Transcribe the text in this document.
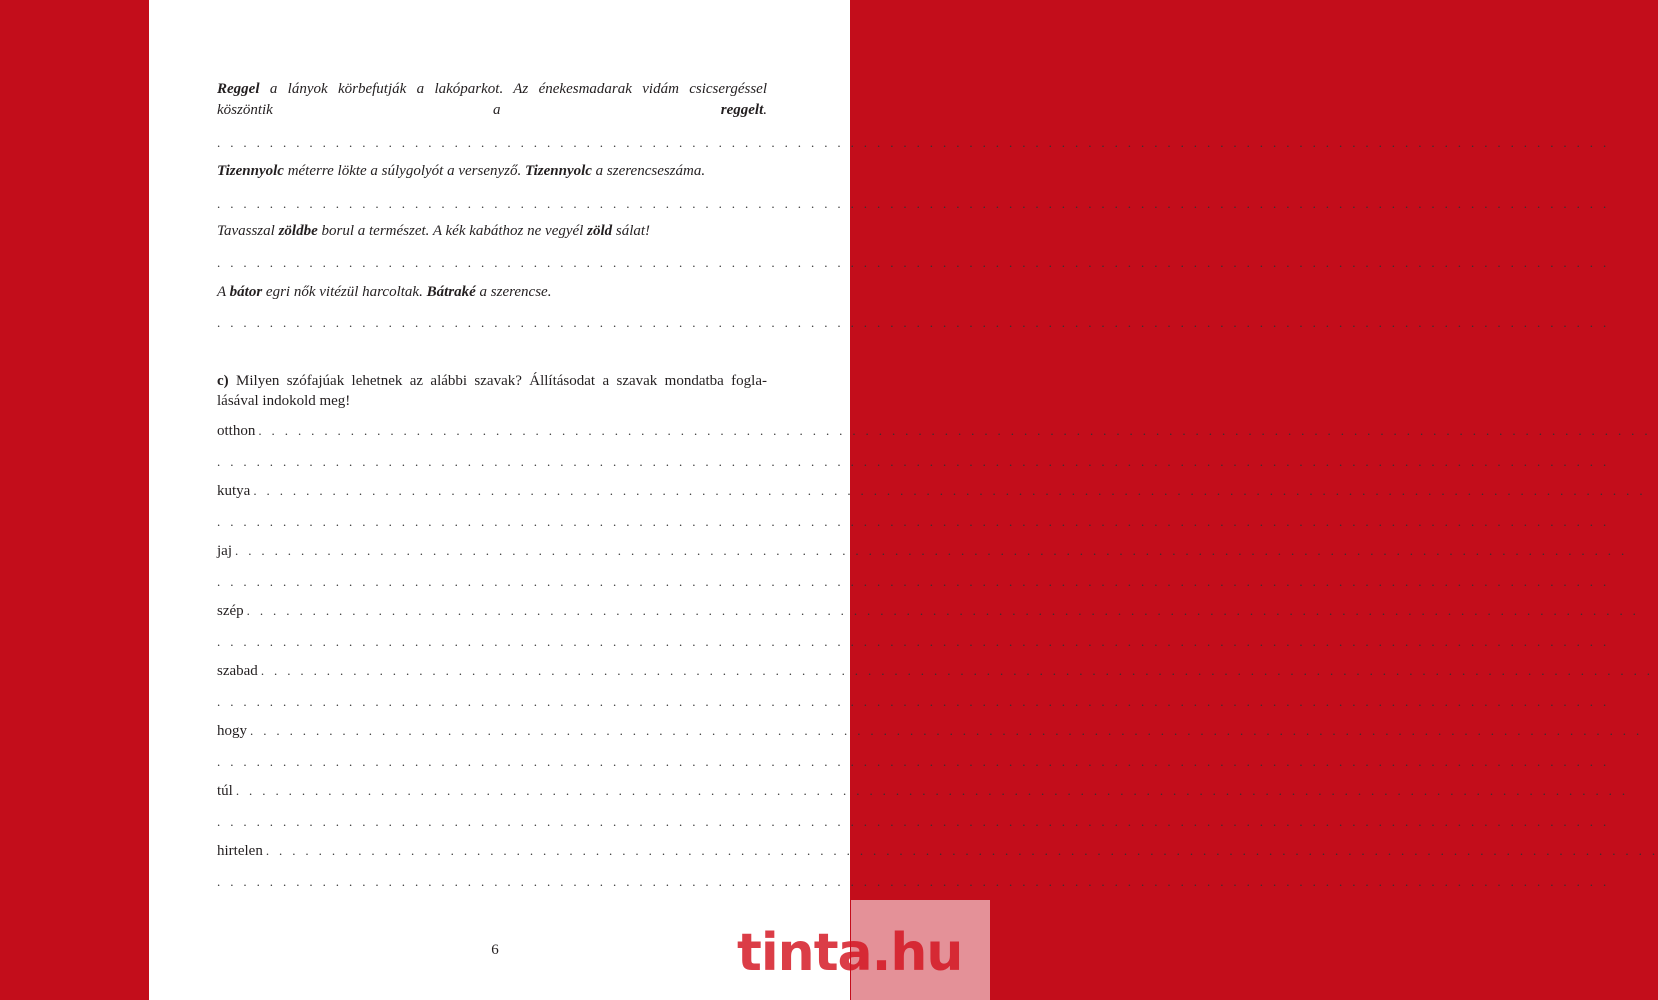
Reggel a lányok körbefutják a lakóparkot. Az énekesmadarak vidám csicsergéssel
köszöntik a reggelt.
. . . . . . . . . . . . . . . . . . . . . . . . . . . . . . . . . . . . . . . . . . . . . . . . . . . . . . . . . . . . . . . . . . . . . . . . . . . . . . . . . . . . . . . . . . . . . . . . . . . . . . . . . .
Tizennyolc méterre lökte a súlygolyót a versenyző. Tizennyolc a szerencseszáma.
. . . . . . . . . . . . . . . . . . . . . . . . . . . . . . . . . . . . . . . . . . . . . . . . . . . . . . . . . . . . . . . . . . . . . . . . . . . . . . . . . . . . . . . . . . . . . . . . . . . . . . . . . .
Tavasszal zöldbe borul a természet. A kék kabáthoz ne vegyél zöld sálat!
. . . . . . . . . . . . . . . . . . . . . . . . . . . . . . . . . . . . . . . . . . . . . . . . . . . . . . . . . . . . . . . . . . . . . . . . . . . . . . . . . . . . . . . . . . . . . . . . . . . . . . . . . .
A bátor egri nők vitézül harcoltak. Bátraké a szerencse.
. . . . . . . . . . . . . . . . . . . . . . . . . . . . . . . . . . . . . . . . . . . . . . . . . . . . . . . . . . . . . . . . . . . . . . . . . . . . . . . . . . . . . . . . . . . . . . . . . . . . . . . . . .
c) Milyen szófajúak lehetnek az alábbi szavak? Állításodat a szavak mondatba fogla-
lásával indokold meg!
otthon . . . . . . . . . . . . . . . . . . . . . . . . . . . . . . . . . . . . . . . . . . . . . . . . . . . . . . . . . . . . . . . . . . . . . . . . . . . . . . . . . . . . . . . . . . . . . . . . . . . . . . . . . .
. . . . . . . . . . . . . . . . . . . . . . . . . . . . . . . . . . . . . . . . . . . . . . . . . . . . . . . . . . . . . . . . . . . . . . . . . . . . . . . . . . . . . . . . . . . . . . . . . . . . . . . . . .
kutya . . . . . . . . . . . . . . . . . . . . . . . . . . . . . . . . . . . . . . . . . . . . . . . . . . . . . . . . . . . . . . . . . . . . . . . . . . . . . . . . . . . . . . . . . . . . . . . . . . . . . . . . . .
. . . . . . . . . . . . . . . . . . . . . . . . . . . . . . . . . . . . . . . . . . . . . . . . . . . . . . . . . . . . . . . . . . . . . . . . . . . . . . . . . . . . . . . . . . . . . . . . . . . . . . . . . .
jaj . . . . . . . . . . . . . . . . . . . . . . . . . . . . . . . . . . . . . . . . . . . . . . . . . . . . . . . . . . . . . . . . . . . . . . . . . . . . . . . . . . . . . . . . . . . . . . . . . . . . . . . . . .
. . . . . . . . . . . . . . . . . . . . . . . . . . . . . . . . . . . . . . . . . . . . . . . . . . . . . . . . . . . . . . . . . . . . . . . . . . . . . . . . . . . . . . . . . . . . . . . . . . . . . . . . . .
szép . . . . . . . . . . . . . . . . . . . . . . . . . . . . . . . . . . . . . . . . . . . . . . . . . . . . . . . . . . . . . . . . . . . . . . . . . . . . . . . . . . . . . . . . . . . . . . . . . . . . . . . . . .
. . . . . . . . . . . . . . . . . . . . . . . . . . . . . . . . . . . . . . . . . . . . . . . . . . . . . . . . . . . . . . . . . . . . . . . . . . . . . . . . . . . . . . . . . . . . . . . . . . . . . . . . . .
szabad . . . . . . . . . . . . . . . . . . . . . . . . . . . . . . . . . . . . . . . . . . . . . . . . . . . . . . . . . . . . . . . . . . . . . . . . . . . . . . . . . . . . . . . . . . . . . . . . . . . . . . . . . .
. . . . . . . . . . . . . . . . . . . . . . . . . . . . . . . . . . . . . . . . . . . . . . . . . . . . . . . . . . . . . . . . . . . . . . . . . . . . . . . . . . . . . . . . . . . . . . . . . . . . . . . . . .
hogy . . . . . . . . . . . . . . . . . . . . . . . . . . . . . . . . . . . . . . . . . . . . . . . . . . . . . . . . . . . . . . . . . . . . . . . . . . . . . . . . . . . . . . . . . . . . . . . . . . . . . . . . . .
. . . . . . . . . . . . . . . . . . . . . . . . . . . . . . . . . . . . . . . . . . . . . . . . . . . . . . . . . . . . . . . . . . . . . . . . . . . . . . . . . . . . . . . . . . . . . . . . . . . . . . . . . .
túl . . . . . . . . . . . . . . . . . . . . . . . . . . . . . . . . . . . . . . . . . . . . . . . . . . . . . . . . . . . . . . . . . . . . . . . . . . . . . . . . . . . . . . . . . . . . . . . . . . . . . . . . . .
. . . . . . . . . . . . . . . . . . . . . . . . . . . . . . . . . . . . . . . . . . . . . . . . . . . . . . . . . . . . . . . . . . . . . . . . . . . . . . . . . . . . . . . . . . . . . . . . . . . . . . . . . .
hirtelen . . . . . . . . . . . . . . . . . . . . . . . . . . . . . . . . . . . . . . . . . . . . . . . . . . . . . . . . . . . . . . . . . . . . . . . . . . . . . . . . . . . . . . . . . . . . . . . . . . . . . . . . . .
. . . . . . . . . . . . . . . . . . . . . . . . . . . . . . . . . . . . . . . . . . . . . . . . . . . . . . . . . . . . . . . . . . . . . . . . . . . . . . . . . . . . . . . . . . . . . . . . . . . . . . . . . .
6	tinta.hu
